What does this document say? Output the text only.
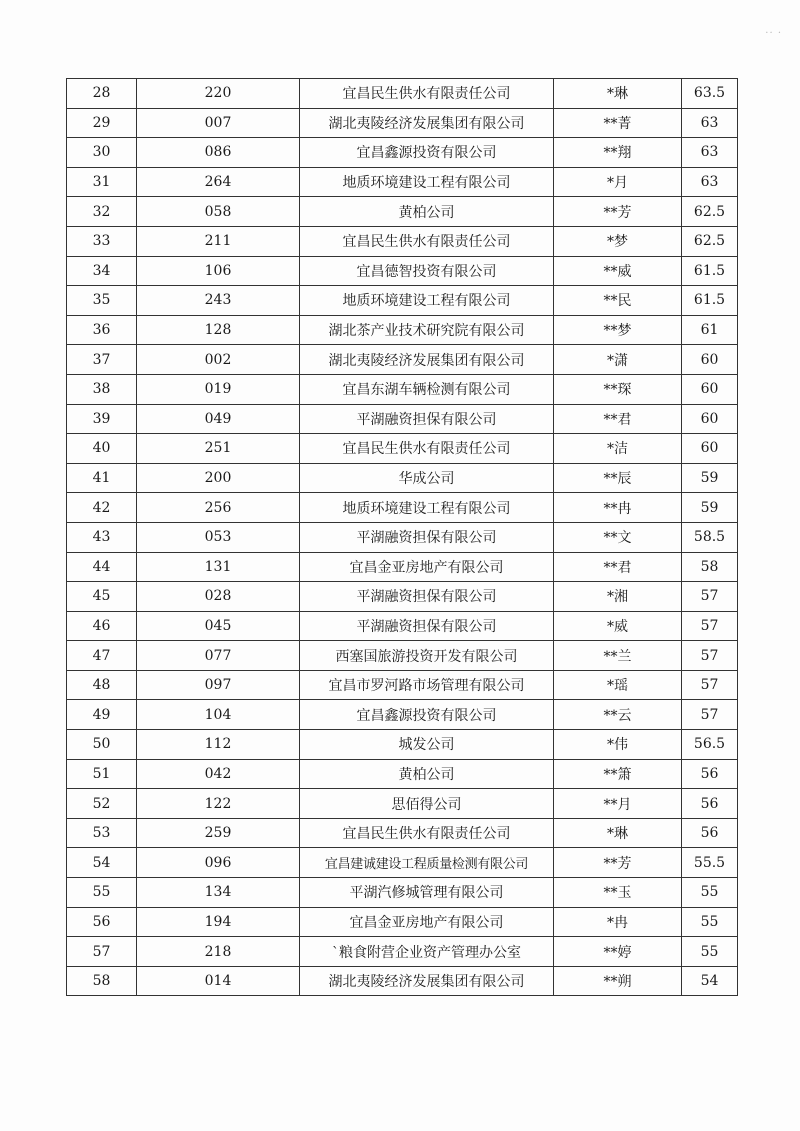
·· ·
28	220	宜昌民生供水有限责任公司	*琳	63.5
29	007	湖北夷陵经济发展集团有限公司	**菁	63
30	086	宜昌鑫源投资有限公司	**翔	63
31	264	地质环境建设工程有限公司	*月	63
32	058	黄柏公司	**芳	62.5
33	211	宜昌民生供水有限责任公司	*梦	62.5
34	106	宜昌德智投资有限公司	**威	61.5
35	243	地质环境建设工程有限公司	**民	61.5
36	128	湖北茶产业技术研究院有限公司	**梦	61
37	002	湖北夷陵经济发展集团有限公司	*潇	60
38	019	宜昌东湖车辆检测有限公司	**琛	60
39	049	平湖融资担保有限公司	**君	60
40	251	宜昌民生供水有限责任公司	*洁	60
41	200	华成公司	**辰	59
42	256	地质环境建设工程有限公司	**冉	59
43	053	平湖融资担保有限公司	**文	58.5
44	131	宜昌金亚房地产有限公司	**君	58
45	028	平湖融资担保有限公司	*湘	57
46	045	平湖融资担保有限公司	*威	57
47	077	西塞国旅游投资开发有限公司	**兰	57
48	097	宜昌市罗河路市场管理有限公司	*瑶	57
49	104	宜昌鑫源投资有限公司	**云	57
50	112	城发公司	*伟	56.5
51	042	黄柏公司	**箫	56
52	122	思佰得公司	**月	56
53	259	宜昌民生供水有限责任公司	*琳	56
54	096	宜昌建诚建设工程质量检测有限公司	**芳	55.5
55	134	平湖汽修城管理有限公司	**玉	55
56	194	宜昌金亚房地产有限公司	*冉	55
57	218	`粮食附营企业资产管理办公室	**婷	55
58	014	湖北夷陵经济发展集团有限公司	**朔	54
